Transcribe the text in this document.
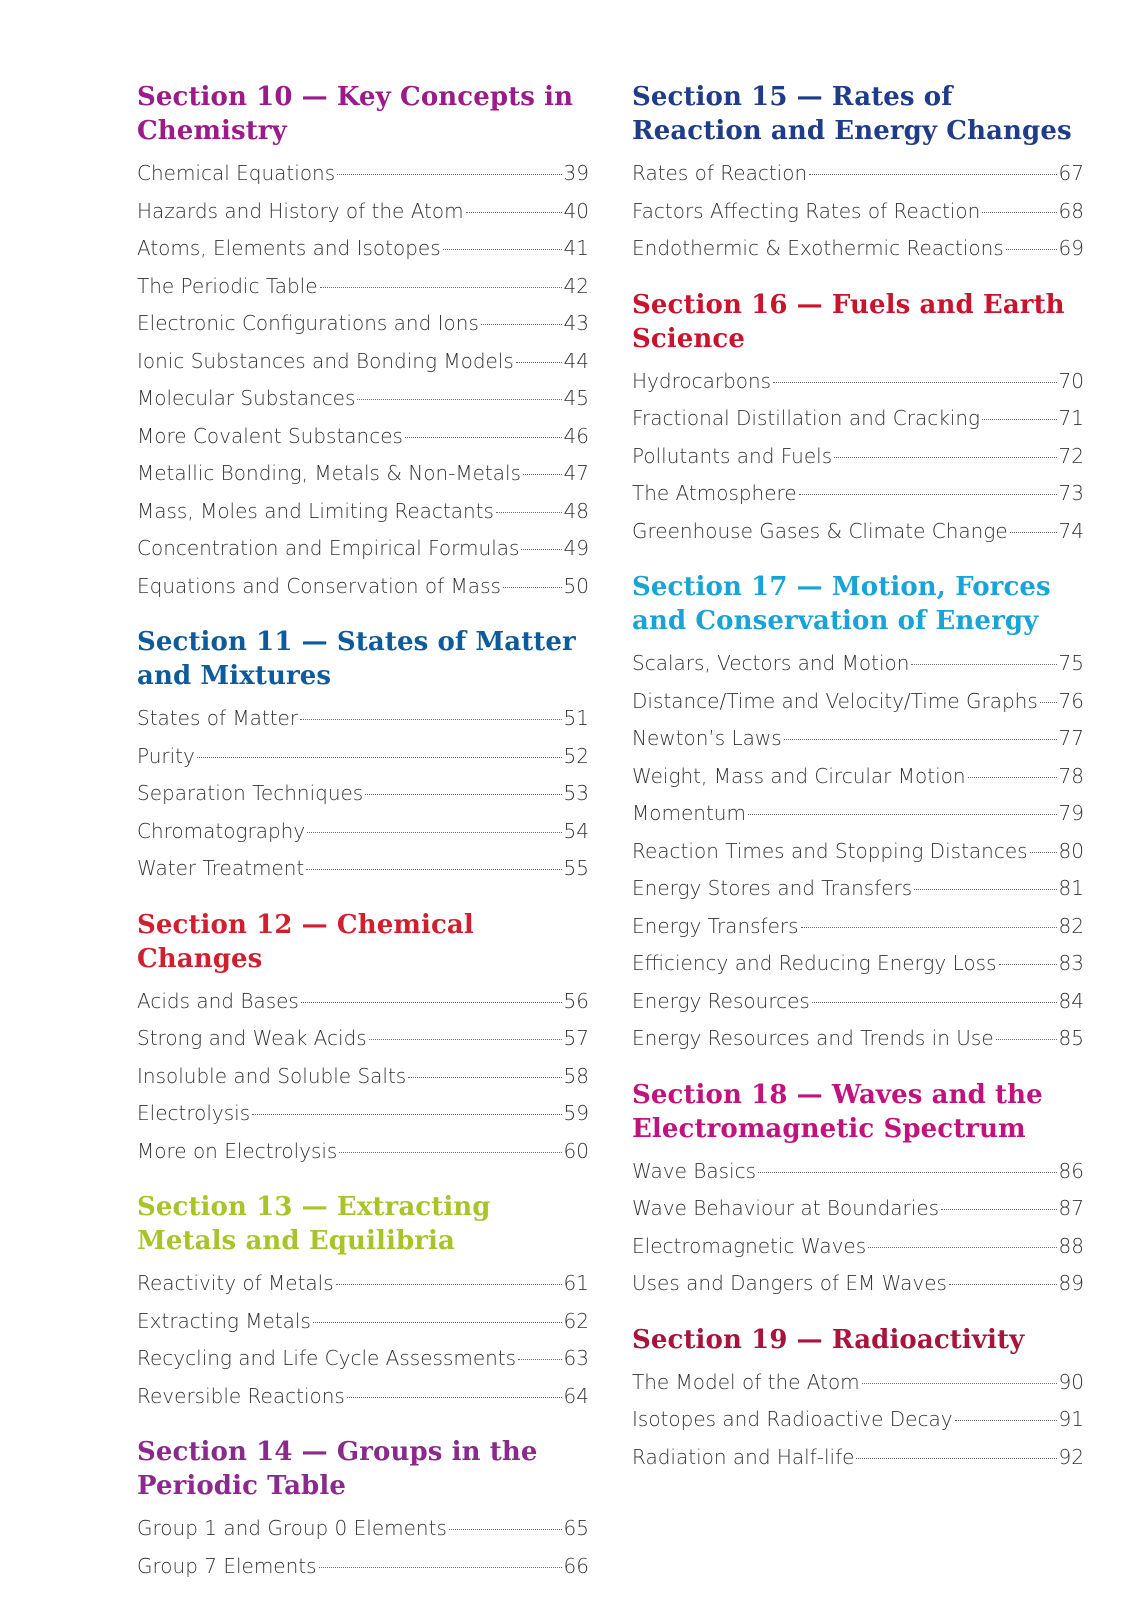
Section 10 — Key Concepts in Chemistry
Chemical Equations	39
Hazards and History of the Atom	40
Atoms, Elements and Isotopes	41
The Periodic Table	42
Electronic Configurations and Ions	43
Ionic Substances and Bonding Models 44
Molecular Substances	45
More Covalent Substances	46
Metallic Bonding, Metals & Non-Metals 47
Mass, Moles and Limiting Reactants	48
Concentration and Empirical Formulas 49
Equations and Conservation of Mass	50
Section 11 — States of Matter and Mixtures
States of Matter	51
Purity	52
Separation Techniques	53
Chromatography	54
Water Treatment	55
Section 12 — Chemical Changes
Acids and Bases	56
Strong and Weak Acids	57
Insoluble and Soluble Salts	58
Electrolysis	59
More on Electrolysis	60
Section 13 — Extracting Metals and Equilibria
Reactivity of Metals	61
Extracting Metals	62
Recycling and Life Cycle Assessments 63
Reversible Reactions	64
Section 14 — Groups in the Periodic Table
Group 1 and Group 0 Elements	65
Group 7 Elements	66
Section 15 — Rates of Reaction and Energy Changes
Rates of Reaction	67
Factors Affecting Rates of Reaction	68
Endothermic & Exothermic Reactions	69
Section 16 — Fuels and Earth Science
Hydrocarbons	70
Fractional Distillation and Cracking	71
Pollutants and Fuels	72
The Atmosphere	73
Greenhouse Gases & Climate Change	74
Section 17 — Motion, Forces and Conservation of Energy
Scalars, Vectors and Motion	75
Distance/Time and Velocity/Time Graphs 76
Newton’s Laws	77
Weight, Mass and Circular Motion	78
Momentum	79
Reaction Times and Stopping Distances 80
Energy Stores and Transfers	81
Energy Transfers	82
Efficiency and Reducing Energy Loss	83
Energy Resources	84
Energy Resources and Trends in Use	85
Section 18 — Waves and the Electromagnetic Spectrum
Wave Basics	86
Wave Behaviour at Boundaries	87
Electromagnetic Waves	88
Uses and Dangers of EM Waves	89
Section 19 — Radioactivity
The Model of the Atom	90
Isotopes and Radioactive Decay	91
Radiation and Half-life	92
